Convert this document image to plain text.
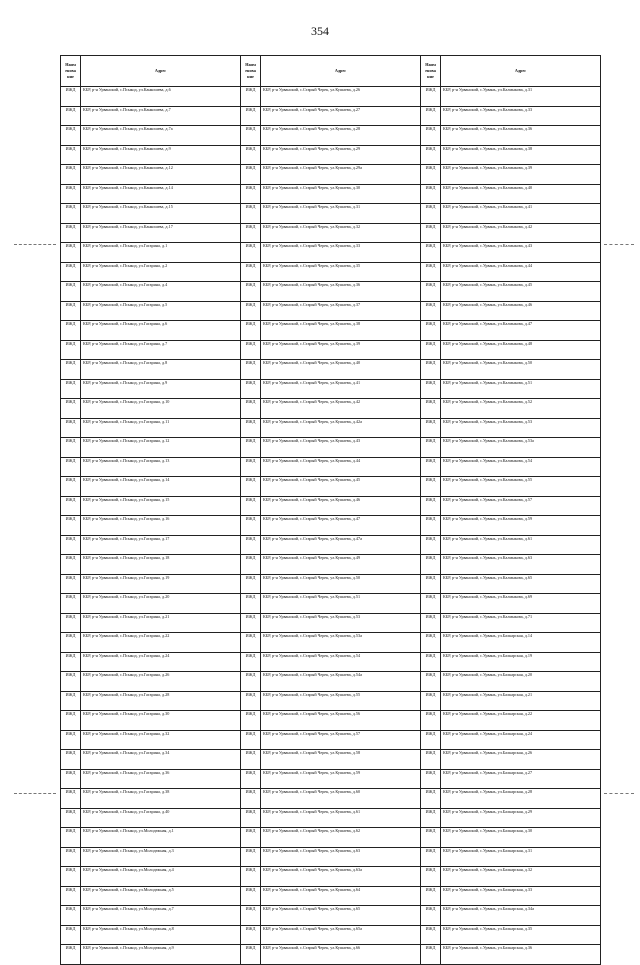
354
Наим енова ние	Адрес	Наим енова ние	Адрес	Наим енова ние	Адрес
ИЖД	КБР, р-н Урванский, с.Псыкод, ул.Канкошева, д.6	ИЖД	КБР, р-н Урванский, с.Старый Черек, ул.Кушаева, д.26	ИЖД	КБР, р-н Урванский, с.Урвань, ул.Калмыкова, д.31
ИЖД	КБР, р-н Урванский, с.Псыкод, ул.Канкошева, д.7	ИЖД	КБР, р-н Урванский, с.Старый Черек, ул.Кушаева, д.27	ИЖД	КБР, р-н Урванский, с.Урвань, ул.Калмыкова, д.33
ИЖД	КБР, р-н Урванский, с.Псыкод, ул.Канкошева, д.7а	ИЖД	КБР, р-н Урванский, с.Старый Черек, ул.Кушаева, д.28	ИЖД	КБР, р-н Урванский, с.Урвань, ул.Калмыкова, д.36
ИЖД	КБР, р-н Урванский, с.Псыкод, ул.Канкошева, д.9	ИЖД	КБР, р-н Урванский, с.Старый Черек, ул.Кушаева, д.29	ИЖД	КБР, р-н Урванский, с.Урвань, ул.Калмыкова, д.38
ИЖД	КБР, р-н Урванский, с.Псыкод, ул.Канкошева, д.12	ИЖД	КБР, р-н Урванский, с.Старый Черек, ул.Кушаева, д.29а	ИЖД	КБР, р-н Урванский, с.Урвань, ул.Калмыкова, д.39
ИЖД	КБР, р-н Урванский, с.Псыкод, ул.Канкошева, д.14	ИЖД	КБР, р-н Урванский, с.Старый Черек, ул.Кушаева, д.30	ИЖД	КБР, р-н Урванский, с.Урвань, ул.Калмыкова, д.40
ИЖД	КБР, р-н Урванский, с.Псыкод, ул.Канкошева, д.15	ИЖД	КБР, р-н Урванский, с.Старый Черек, ул.Кушаева, д.31	ИЖД	КБР, р-н Урванский, с.Урвань, ул.Калмыкова, д.41
ИЖД	КБР, р-н Урванский, с.Псыкод, ул.Канкошева, д.17	ИЖД	КБР, р-н Урванский, с.Старый Черек, ул.Кушаева, д.32	ИЖД	КБР, р-н Урванский, с.Урвань, ул.Калмыкова, д.42
ИЖД	КБР, р-н Урванский, с.Псыкод, ул.Гагарина, д.1	ИЖД	КБР, р-н Урванский, с.Старый Черек, ул.Кушаева, д.33	ИЖД	КБР, р-н Урванский, с.Урвань, ул.Калмыкова, д.43
ИЖД	КБР, р-н Урванский, с.Псыкод, ул.Гагарина, д.2	ИЖД	КБР, р-н Урванский, с.Старый Черек, ул.Кушаева, д.35	ИЖД	КБР, р-н Урванский, с.Урвань, ул.Калмыкова, д.44
ИЖД	КБР, р-н Урванский, с.Псыкод, ул.Гагарина, д.4	ИЖД	КБР, р-н Урванский, с.Старый Черек, ул.Кушаева, д.36	ИЖД	КБР, р-н Урванский, с.Урвань, ул.Калмыкова, д.45
ИЖД	КБР, р-н Урванский, с.Псыкод, ул.Гагарина, д.5	ИЖД	КБР, р-н Урванский, с.Старый Черек, ул.Кушаева, д.37	ИЖД	КБР, р-н Урванский, с.Урвань, ул.Калмыкова, д.46
ИЖД	КБР, р-н Урванский, с.Псыкод, ул.Гагарина, д.6	ИЖД	КБР, р-н Урванский, с.Старый Черек, ул.Кушаева, д.38	ИЖД	КБР, р-н Урванский, с.Урвань, ул.Калмыкова, д.47
ИЖД	КБР, р-н Урванский, с.Псыкод, ул.Гагарина, д.7	ИЖД	КБР, р-н Урванский, с.Старый Черек, ул.Кушаева, д.39	ИЖД	КБР, р-н Урванский, с.Урвань, ул.Калмыкова, д.48
ИЖД	КБР, р-н Урванский, с.Псыкод, ул.Гагарина, д.8	ИЖД	КБР, р-н Урванский, с.Старый Черек, ул.Кушаева, д.40	ИЖД	КБР, р-н Урванский, с.Урвань, ул.Калмыкова, д.50
ИЖД	КБР, р-н Урванский, с.Псыкод, ул.Гагарина, д.9	ИЖД	КБР, р-н Урванский, с.Старый Черек, ул.Кушаева, д.41	ИЖД	КБР, р-н Урванский, с.Урвань, ул.Калмыкова, д.51
ИЖД	КБР, р-н Урванский, с.Псыкод, ул.Гагарина, д.10	ИЖД	КБР, р-н Урванский, с.Старый Черек, ул.Кушаева, д.42	ИЖД	КБР, р-н Урванский, с.Урвань, ул.Калмыкова, д.52
ИЖД	КБР, р-н Урванский, с.Псыкод, ул.Гагарина, д.11	ИЖД	КБР, р-н Урванский, с.Старый Черек, ул.Кушаева, д.42а	ИЖД	КБР, р-н Урванский, с.Урвань, ул.Калмыкова, д.53
ИЖД	КБР, р-н Урванский, с.Псыкод, ул.Гагарина, д.12	ИЖД	КБР, р-н Урванский, с.Старый Черек, ул.Кушаева, д.43	ИЖД	КБР, р-н Урванский, с.Урвань, ул.Калмыкова, д.53а
ИЖД	КБР, р-н Урванский, с.Псыкод, ул.Гагарина, д.13	ИЖД	КБР, р-н Урванский, с.Старый Черек, ул.Кушаева, д.44	ИЖД	КБР, р-н Урванский, с.Урвань, ул.Калмыкова, д.54
ИЖД	КБР, р-н Урванский, с.Псыкод, ул.Гагарина, д.14	ИЖД	КБР, р-н Урванский, с.Старый Черек, ул.Кушаева, д.45	ИЖД	КБР, р-н Урванский, с.Урвань, ул.Калмыкова, д.55
ИЖД	КБР, р-н Урванский, с.Псыкод, ул.Гагарина, д.15	ИЖД	КБР, р-н Урванский, с.Старый Черек, ул.Кушаева, д.46	ИЖД	КБР, р-н Урванский, с.Урвань, ул.Калмыкова, д.57
ИЖД	КБР, р-н Урванский, с.Псыкод, ул.Гагарина, д.16	ИЖД	КБР, р-н Урванский, с.Старый Черек, ул.Кушаева, д.47	ИЖД	КБР, р-н Урванский, с.Урвань, ул.Калмыкова, д.59
ИЖД	КБР, р-н Урванский, с.Псыкод, ул.Гагарина, д.17	ИЖД	КБР, р-н Урванский, с.Старый Черек, ул.Кушаева, д.47а	ИЖД	КБР, р-н Урванский, с.Урвань, ул.Калмыкова, д.61
ИЖД	КБР, р-н Урванский, с.Псыкод, ул.Гагарина, д.18	ИЖД	КБР, р-н Урванский, с.Старый Черек, ул.Кушаева, д.49	ИЖД	КБР, р-н Урванский, с.Урвань, ул.Калмыкова, д.63
ИЖД	КБР, р-н Урванский, с.Псыкод, ул.Гагарина, д.19	ИЖД	КБР, р-н Урванский, с.Старый Черек, ул.Кушаева, д.50	ИЖД	КБР, р-н Урванский, с.Урвань, ул.Калмыкова, д.65
ИЖД	КБР, р-н Урванский, с.Псыкод, ул.Гагарина, д.20	ИЖД	КБР, р-н Урванский, с.Старый Черек, ул.Кушаева, д.51	ИЖД	КБР, р-н Урванский, с.Урвань, ул.Калмыкова, д.69
ИЖД	КБР, р-н Урванский, с.Псыкод, ул.Гагарина, д.21	ИЖД	КБР, р-н Урванский, с.Старый Черек, ул.Кушаева, д.53	ИЖД	КБР, р-н Урванский, с.Урвань, ул.Калмыкова, д.71
ИЖД	КБР, р-н Урванский, с.Псыкод, ул.Гагарина, д.22	ИЖД	КБР, р-н Урванский, с.Старый Черек, ул.Кушаева, д.53а	ИЖД	КБР, р-н Урванский, с.Урвань, ул.Балкарская, д.14
ИЖД	КБР, р-н Урванский, с.Псыкод, ул.Гагарина, д.24	ИЖД	КБР, р-н Урванский, с.Старый Черек, ул.Кушаева, д.54	ИЖД	КБР, р-н Урванский, с.Урвань, ул.Балкарская, д.19
ИЖД	КБР, р-н Урванский, с.Псыкод, ул.Гагарина, д.26	ИЖД	КБР, р-н Урванский, с.Старый Черек, ул.Кушаева, д.54а	ИЖД	КБР, р-н Урванский, с.Урвань, ул.Балкарская, д.20
ИЖД	КБР, р-н Урванский, с.Псыкод, ул.Гагарина, д.28	ИЖД	КБР, р-н Урванский, с.Старый Черек, ул.Кушаева, д.55	ИЖД	КБР, р-н Урванский, с.Урвань, ул.Балкарская, д.21
ИЖД	КБР, р-н Урванский, с.Псыкод, ул.Гагарина, д.30	ИЖД	КБР, р-н Урванский, с.Старый Черек, ул.Кушаева, д.56	ИЖД	КБР, р-н Урванский, с.Урвань, ул.Балкарская, д.22
ИЖД	КБР, р-н Урванский, с.Псыкод, ул.Гагарина, д.32	ИЖД	КБР, р-н Урванский, с.Старый Черек, ул.Кушаева, д.57	ИЖД	КБР, р-н Урванский, с.Урвань, ул.Балкарская, д.24
ИЖД	КБР, р-н Урванский, с.Псыкод, ул.Гагарина, д.34	ИЖД	КБР, р-н Урванский, с.Старый Черек, ул.Кушаева, д.58	ИЖД	КБР, р-н Урванский, с.Урвань, ул.Балкарская, д.26
ИЖД	КБР, р-н Урванский, с.Псыкод, ул.Гагарина, д.36	ИЖД	КБР, р-н Урванский, с.Старый Черек, ул.Кушаева, д.59	ИЖД	КБР, р-н Урванский, с.Урвань, ул.Балкарская, д.27
ИЖД	КБР, р-н Урванский, с.Псыкод, ул.Гагарина, д.38	ИЖД	КБР, р-н Урванский, с.Старый Черек, ул.Кушаева, д.60	ИЖД	КБР, р-н Урванский, с.Урвань, ул.Балкарская, д.28
ИЖД	КБР, р-н Урванский, с.Псыкод, ул.Гагарина, д.40	ИЖД	КБР, р-н Урванский, с.Старый Черек, ул.Кушаева, д.61	ИЖД	КБР, р-н Урванский, с.Урвань, ул.Балкарская, д.29
ИЖД	КБР, р-н Урванский, с.Псыкод, ул.Молодежная, д.1	ИЖД	КБР, р-н Урванский, с.Старый Черек, ул.Кушаева, д.62	ИЖД	КБР, р-н Урванский, с.Урвань, ул.Балкарская, д.30
ИЖД	КБР, р-н Урванский, с.Псыкод, ул.Молодежная, д.3	ИЖД	КБР, р-н Урванский, с.Старый Черек, ул.Кушаева, д.63	ИЖД	КБР, р-н Урванский, с.Урвань, ул.Балкарская, д.31
ИЖД	КБР, р-н Урванский, с.Псыкод, ул.Молодежная, д.4	ИЖД	КБР, р-н Урванский, с.Старый Черек, ул.Кушаева, д.63а	ИЖД	КБР, р-н Урванский, с.Урвань, ул.Балкарская, д.32
ИЖД	КБР, р-н Урванский, с.Псыкод, ул.Молодежная, д.5	ИЖД	КБР, р-н Урванский, с.Старый Черек, ул.Кушаева, д.64	ИЖД	КБР, р-н Урванский, с.Урвань, ул.Балкарская, д.33
ИЖД	КБР, р-н Урванский, с.Псыкод, ул.Молодежная, д.7	ИЖД	КБР, р-н Урванский, с.Старый Черек, ул.Кушаева, д.65	ИЖД	КБР, р-н Урванский, с.Урвань, ул.Балкарская, д.34а
ИЖД	КБР, р-н Урванский, с.Псыкод, ул.Молодежная, д.8	ИЖД	КБР, р-н Урванский, с.Старый Черек, ул.Кушаева, д.65а	ИЖД	КБР, р-н Урванский, с.Урвань, ул.Балкарская, д.35
ИЖД	КБР, р-н Урванский, с.Псыкод, ул.Молодежная, д.9	ИЖД	КБР, р-н Урванский, с.Старый Черек, ул.Кушаева, д.66	ИЖД	КБР, р-н Урванский, с.Урвань, ул.Балкарская, д.36
